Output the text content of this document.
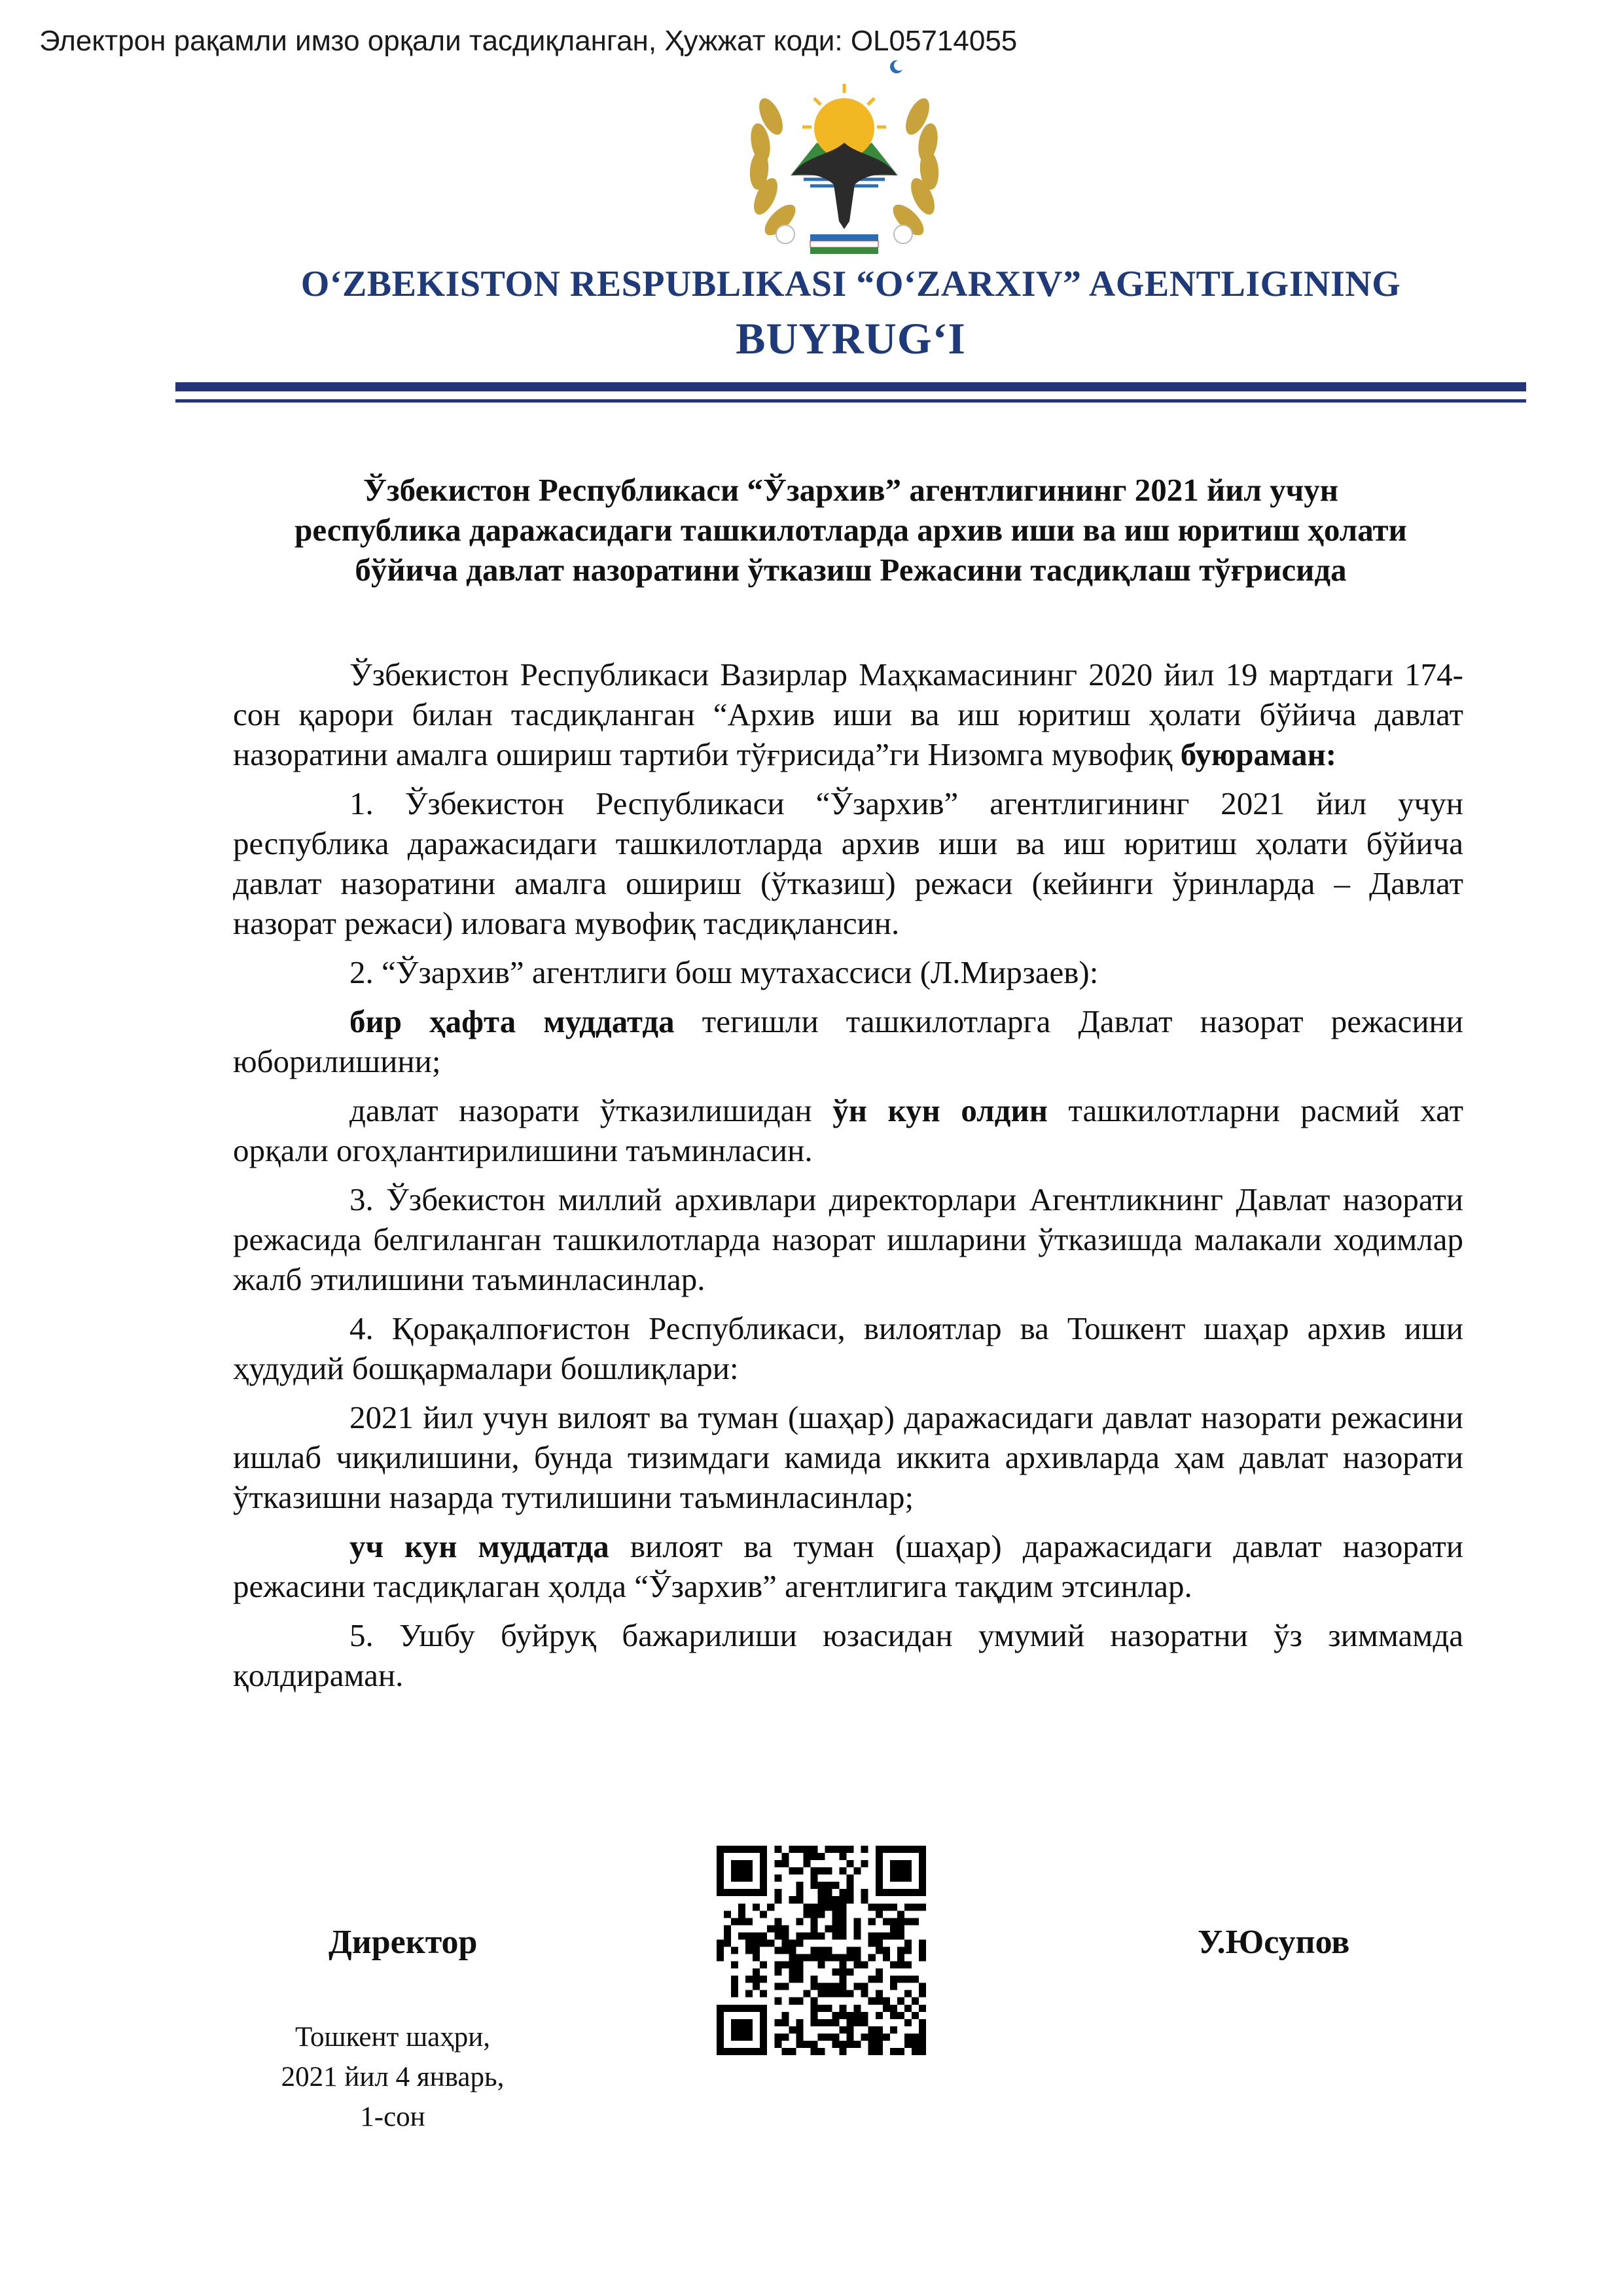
Электрон рақамли имзо орқали тасдиқланган, Ҳужжат коди: OL05714055
O‘ZBEKISTON RESPUBLIKASI “O‘ZARXIV” AGENTLIGINING
BUYRUG‘I
Ўзбекистон Республикаси “Ўзархив” агентлигининг 2021 йил учун
республика даражасидаги ташкилотларда архив иши ва иш юритиш ҳолати
бўйича давлат назоратини ўтказиш Режасини тасдиқлаш тўғрисида

Ўзбекистон Республикаси Вазирлар Маҳкамасининг 2020 йил 19 мартдаги 174-сон қарори билан тасдиқланган “Архив иши ва иш юритиш ҳолати бўйича давлат назоратини амалга ошириш тартиби тўғрисида”ги Низомга мувофиқ буюраман:

1. Ўзбекистон Республикаси “Ўзархив” агентлигининг 2021 йил учун республика даражасидаги ташкилотларда архив иши ва иш юритиш ҳолати бўйича давлат назоратини амалга ошириш (ўтказиш) режаси (кейинги ўринларда – Давлат назорат режаси) иловага мувофиқ тасдиқлансин.

2. “Ўзархив” агентлиги бош мутахассиси (Л.Мирзаев):

бир ҳафта муддатда тегишли ташкилотларга Давлат назорат режасини юборилишини;

давлат назорати ўтказилишидан ўн кун олдин ташкилотларни расмий хат орқали огоҳлантирилишини таъминласин.

3. Ўзбекистон миллий архивлари директорлари Агентликнинг Давлат назорати режасида белгиланган ташкилотларда назорат ишларини ўтказишда малакали ходимлар жалб этилишини таъминласинлар.

4. Қорақалпоғистон Республикаси, вилоятлар ва Тошкент шаҳар архив иши ҳудудий бошқармалари бошлиқлари:

2021 йил учун вилоят ва туман (шаҳар) даражасидаги давлат назорати режасини ишлаб чиқилишини, бунда тизимдаги камида иккита архивларда ҳам давлат назорати ўтказишни назарда тутилишини таъминласинлар;

уч кун муддатда вилоят ва туман (шаҳар) даражасидаги давлат назорати режасини тасдиқлаган ҳолда “Ўзархив” агентлигига тақдим этсинлар.

5. Ушбу буйруқ бажарилиши юзасидан умумий назоратни ўз зиммамда қолдираман.

Директор	У.Юсупов
Тошкент шаҳри,
2021 йил 4 январь,
1-сон
